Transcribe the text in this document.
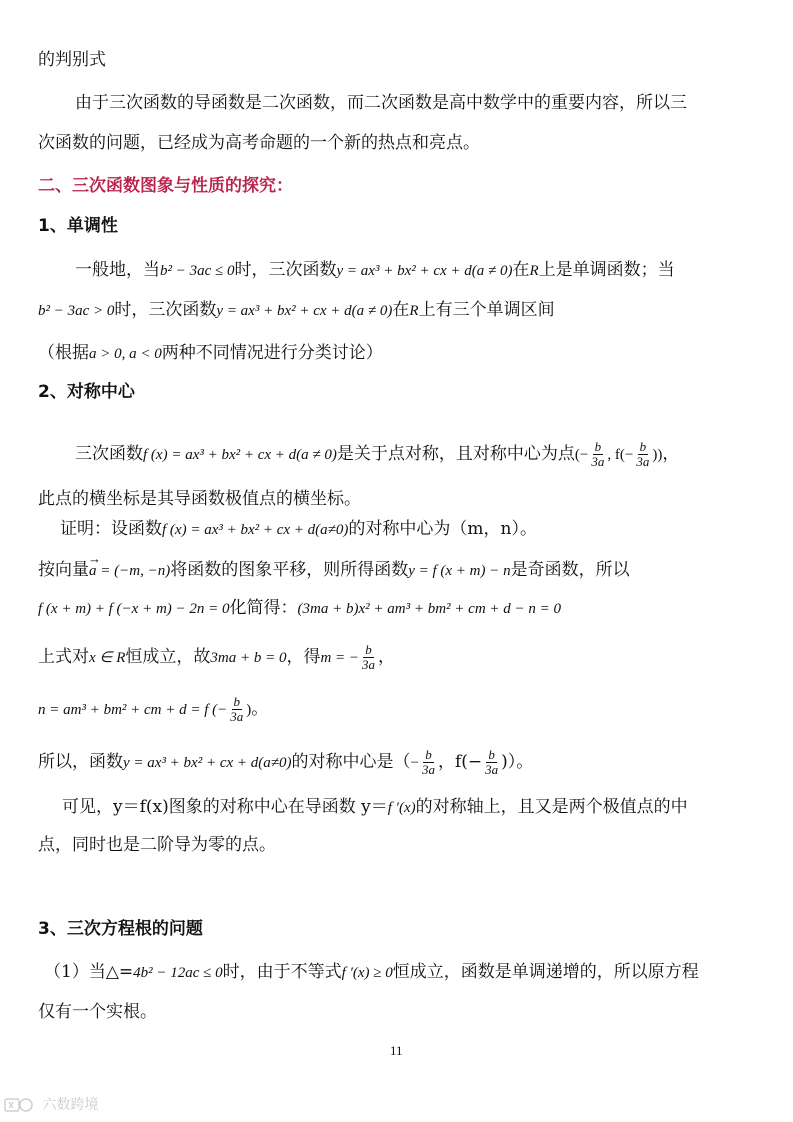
的判别式
由于三次函数的导函数是二次函数，而二次函数是高中数学中的重要内容，所以三
次函数的问题，已经成为高考命题的一个新的热点和亮点。
二、三次函数图象与性质的探究：
1、单调性
一般地，当b² − 3ac ≤ 0时，三次函数y = ax³ + bx² + cx + d(a ≠ 0)在R上是单调函数；当
b² − 3ac > 0时，三次函数y = ax³ + bx² + cx + d(a ≠ 0)在R上有三个单调区间
（根据a > 0, a < 0两种不同情况进行分类讨论）
2、对称中心
三次函数f (x) = ax³ + bx² + cx + d(a ≠ 0)是关于点对称，且对称中心为点(− $\frac{b}{3a}$ , $f(- \frac{b}{3a}$ ))，
此点的横坐标是其导函数极值点的横坐标。
证明：设函数f (x) = ax³ + bx² + cx + d(a≠0)的对称中心为（m，n）。
按向量→ a = (−m, −n)将函数的图象平移，则所得函数y = f (x + m) − n是奇函数，所以
f (x + m) + f (−x + m) − 2n = 0化简得：(3ma + b)x² + am³ + bm² + cm + d − n = 0
上式对x ∈ R恒成立，故3ma + b = 0，得m = − $\frac{b}{3a}$ ，
n = am³ + bm² + cm + d = f (− $\frac{b}{3a}$ )。
所以，函数y = ax³ + bx² + cx + d(a≠0)的对称中心是（− $\frac{b}{3a}$ ，$f(- \frac{b}{3a}$ )）。
可见，y＝f(x)图象的对称中心在导函数 y＝f ′(x)的对称轴上，且又是两个极值点的中
点，同时也是二阶导为零的点。
3、三次方程根的问题
（1）当△=4b² − 12ac ≤ 0时，由于不等式f ′(x) ≥ 0恒成立，函数是单调递增的，所以原方程
仅有一个实根。
11
六数跨境
